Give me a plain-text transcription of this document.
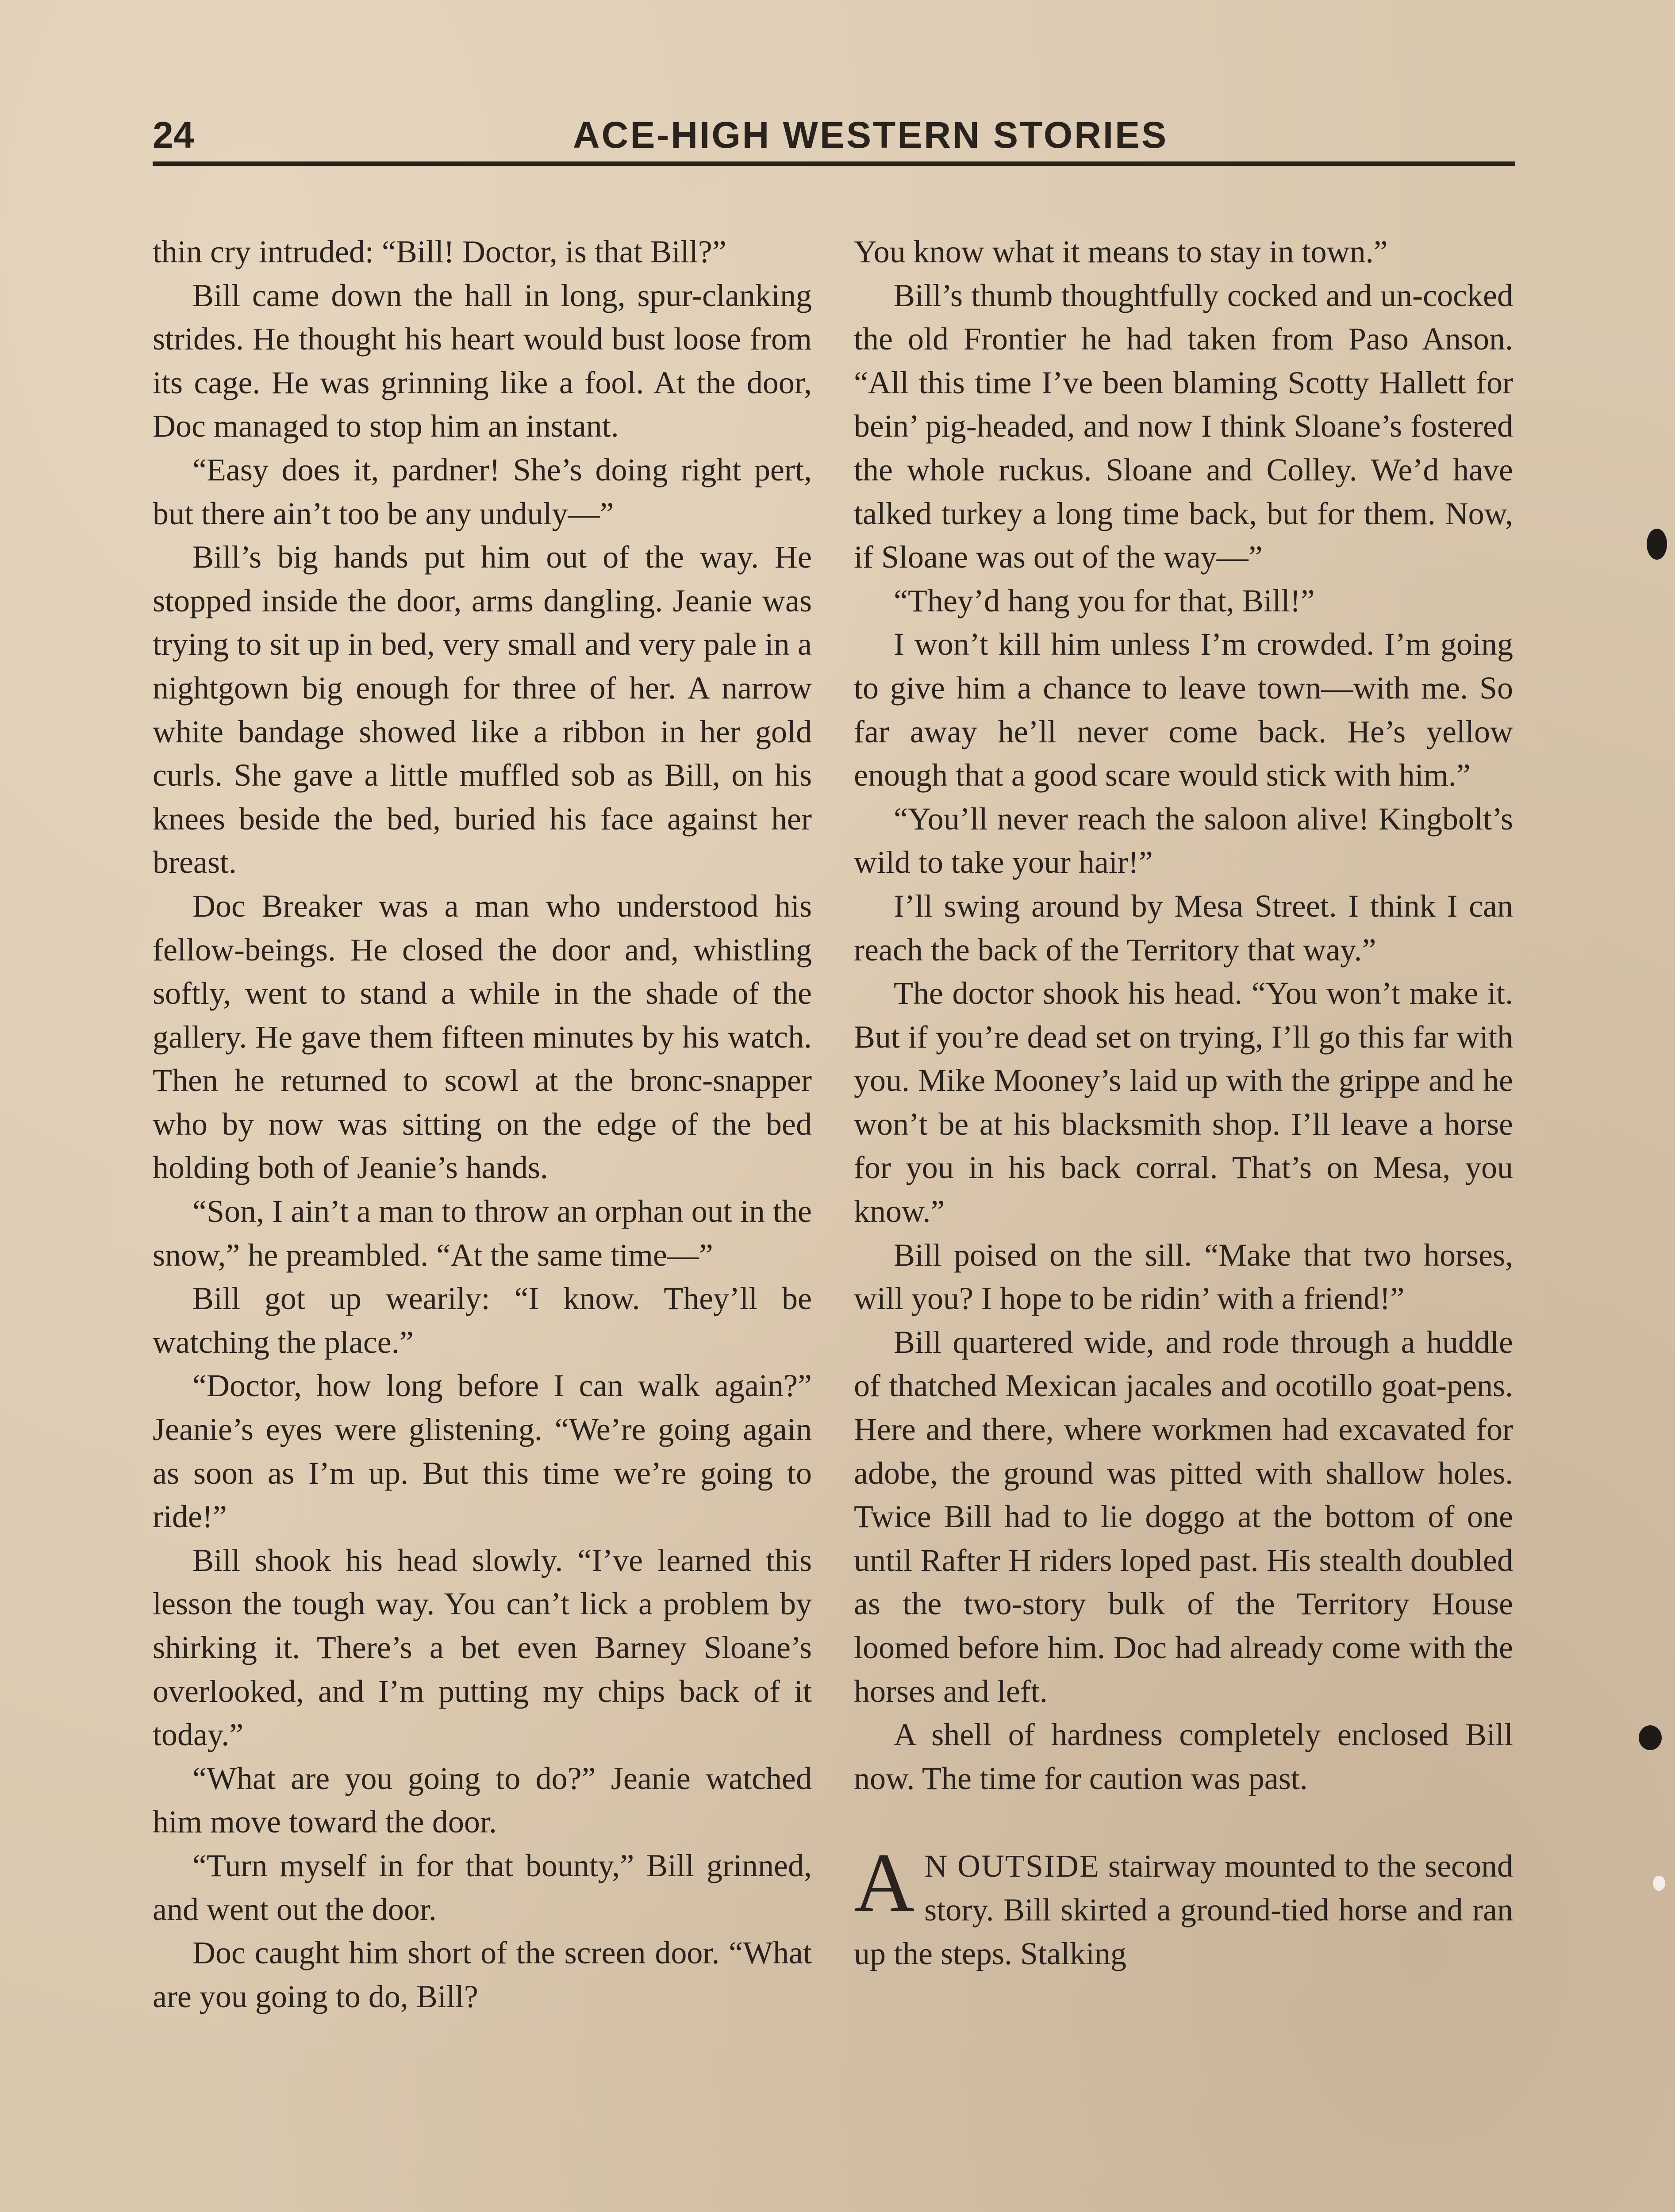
24	ACE-HIGH WESTERN STORIES

thin cry intruded: “Bill! Doctor, is that Bill?”

Bill came down the hall in long, spur-clanking strides. He thought his heart would bust loose from its cage. He was grinning like a fool. At the door, Doc managed to stop him an instant.

“Easy does it, pardner! She’s doing right pert, but there ain’t too be any unduly—”

Bill’s big hands put him out of the way. He stopped inside the door, arms dangling. Jeanie was trying to sit up in bed, very small and very pale in a nightgown big enough for three of her. A narrow white bandage showed like a ribbon in her gold curls. She gave a little muffled sob as Bill, on his knees beside the bed, buried his face against her breast.

Doc Breaker was a man who understood his fellow-beings. He closed the door and, whistling softly, went to stand a while in the shade of the gallery. He gave them fifteen minutes by his watch. Then he returned to scowl at the bronc-snapper who by now was sitting on the edge of the bed holding both of Jeanie’s hands.

“Son, I ain’t a man to throw an orphan out in the snow,” he preambled. “At the same time—”

Bill got up wearily: “I know. They’ll be watching the place.”

“Doctor, how long before I can walk again?” Jeanie’s eyes were glistening. “We’re going again as soon as I’m up. But this time we’re going to ride!”

Bill shook his head slowly. “I’ve learned this lesson the tough way. You can’t lick a problem by shirking it. There’s a bet even Barney Sloane’s overlooked, and I’m putting my chips back of it today.”

“What are you going to do?” Jeanie watched him move toward the door.

“Turn myself in for that bounty,” Bill grinned, and went out the door.

Doc caught him short of the screen door. “What are you going to do, Bill?

You know what it means to stay in town.”

Bill’s thumb thoughtfully cocked and un-cocked the old Frontier he had taken from Paso Anson. “All this time I’ve been blaming Scotty Hallett for bein’ pig-headed, and now I think Sloane’s fostered the whole ruckus. Sloane and Colley. We’d have talked turkey a long time back, but for them. Now, if Sloane was out of the way—”

“They’d hang you for that, Bill!”

I won’t kill him unless I’m crowded. I’m going to give him a chance to leave town—with me. So far away he’ll never come back. He’s yellow enough that a good scare would stick with him.”

“You’ll never reach the saloon alive! Kingbolt’s wild to take your hair!”

I’ll swing around by Mesa Street. I think I can reach the back of the Territory that way.”

The doctor shook his head. “You won’t make it. But if you’re dead set on trying, I’ll go this far with you. Mike Mooney’s laid up with the grippe and he won’t be at his blacksmith shop. I’ll leave a horse for you in his back corral. That’s on Mesa, you know.”

Bill poised on the sill. “Make that two horses, will you? I hope to be ridin’ with a friend!”

Bill quartered wide, and rode through a huddle of thatched Mexican jacales and ocotillo goat-pens. Here and there, where workmen had excavated for adobe, the ground was pitted with shallow holes. Twice Bill had to lie doggo at the bottom of one until Rafter H riders loped past. His stealth doubled as the two-story bulk of the Territory House loomed before him. Doc had already come with the horses and left.

A shell of hardness completely enclosed Bill now. The time for caution was past.

A N OUTSIDE stairway mounted to the second story. Bill skirted a ground-tied horse and ran up the steps. Stalking
